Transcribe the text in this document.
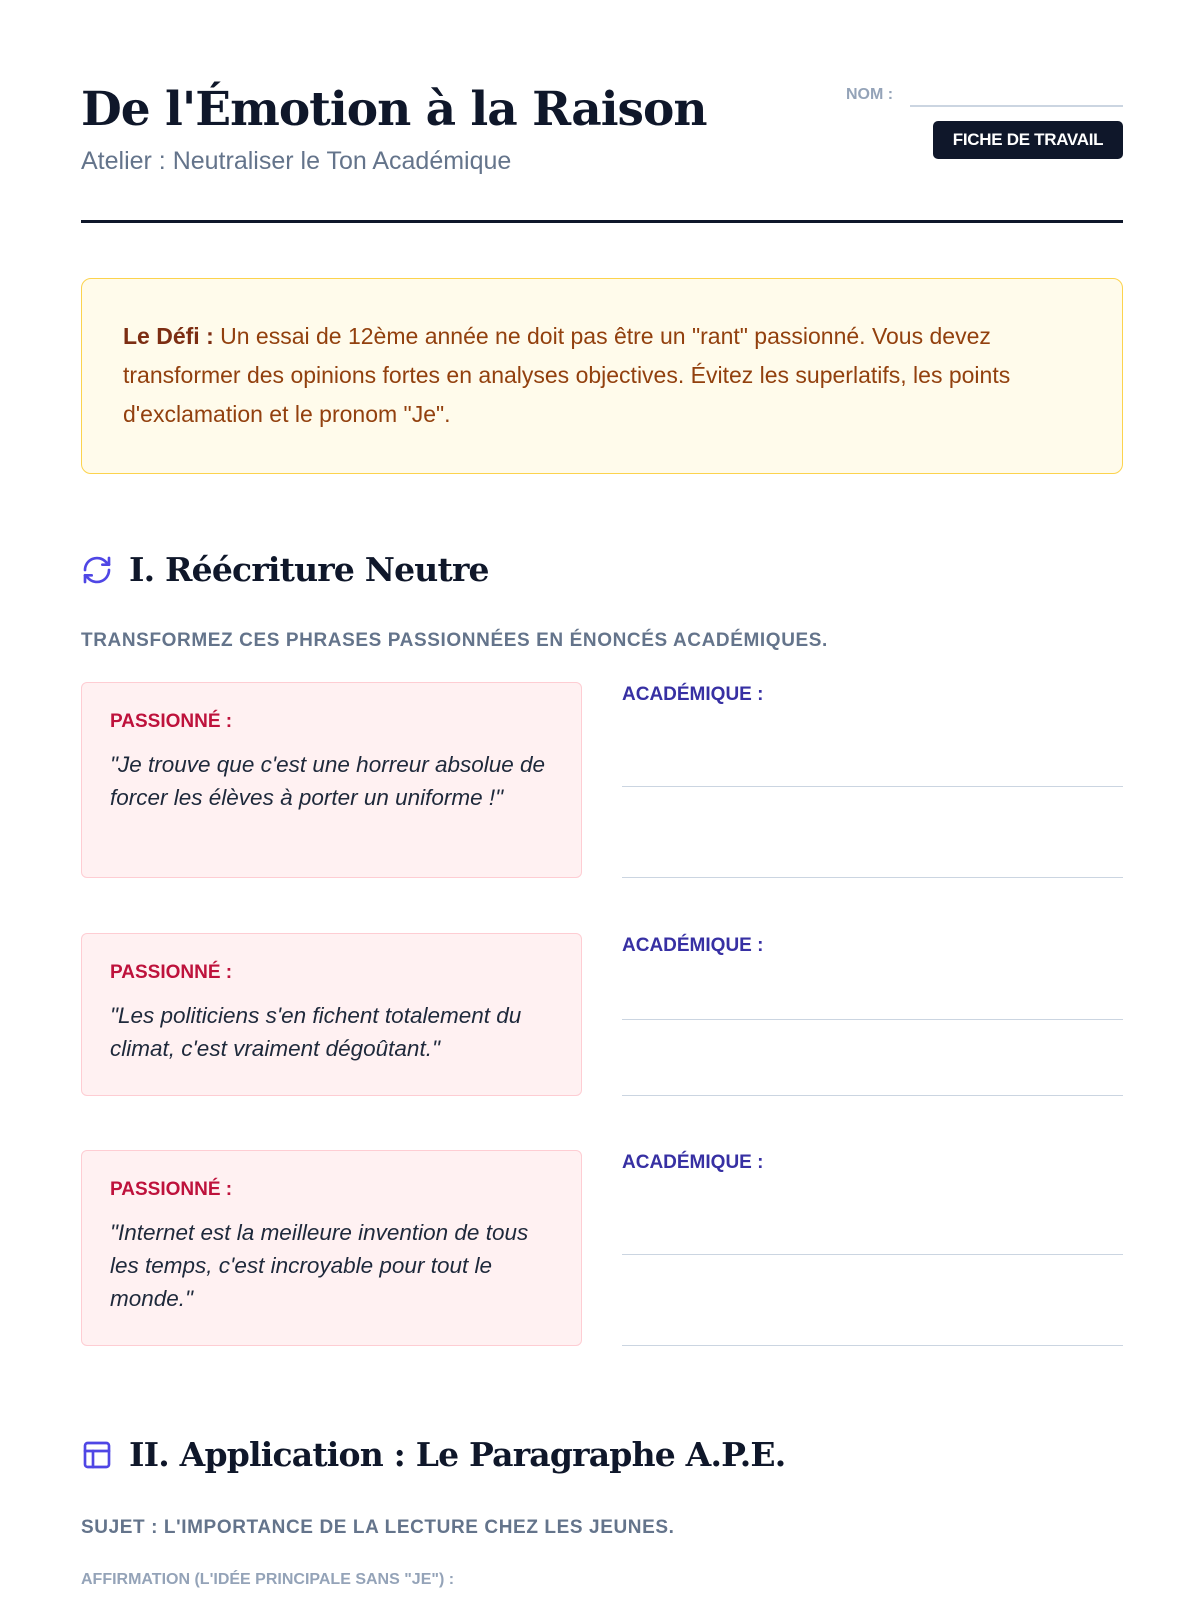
De l'Émotion à la Raison
Atelier : Neutraliser le Ton Académique
NOM :
FICHE DE TRAVAIL
Le Défi : Un essai de 12ème année ne doit pas être un "rant" passionné. Vous devez transformer des opinions fortes en analyses objectives. Évitez les superlatifs, les points d'exclamation et le pronom "Je".
I. Réécriture Neutre
TRANSFORMEZ CES PHRASES PASSIONNÉES EN ÉNONCÉS ACADÉMIQUES.
PASSIONNÉ :
"Je trouve que c'est une horreur absolue de forcer les élèves à porter un uniforme !"
ACADÉMIQUE :
PASSIONNÉ :
"Les politiciens s'en fichent totalement du climat, c'est vraiment dégoûtant."
ACADÉMIQUE :
PASSIONNÉ :
"Internet est la meilleure invention de tous les temps, c'est incroyable pour tout le monde."
ACADÉMIQUE :
II. Application : Le Paragraphe A.P.E.
SUJET : L'IMPORTANCE DE LA LECTURE CHEZ LES JEUNES.
AFFIRMATION (L'IDÉE PRINCIPALE SANS "JE") :
